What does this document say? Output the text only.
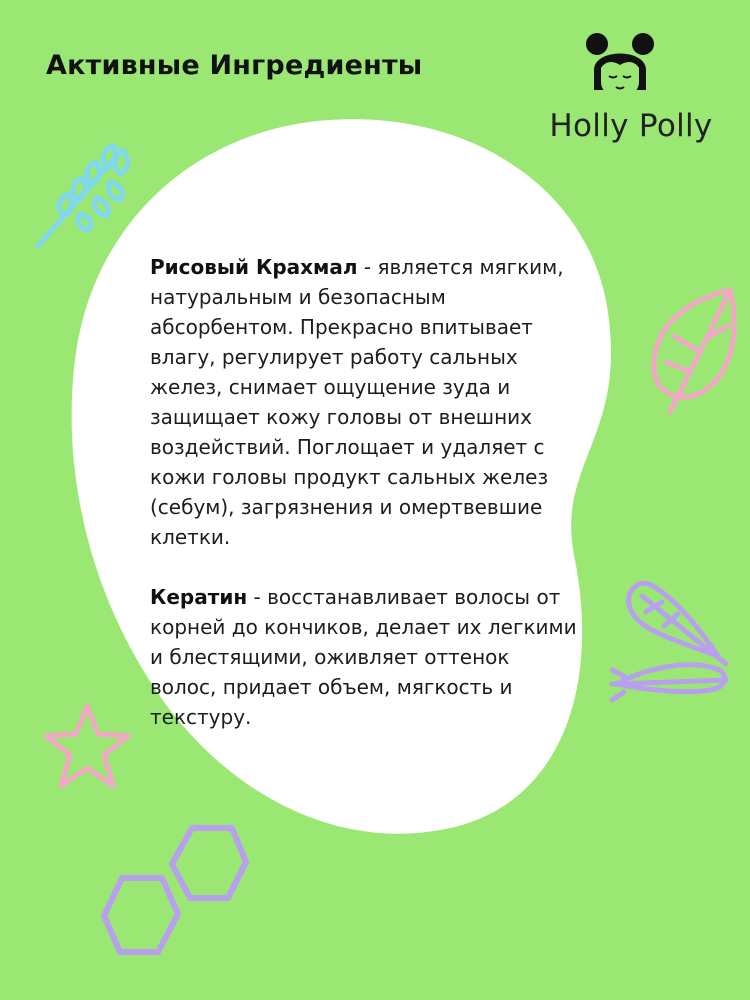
Активные Ингредиенты
Holly Polly

Рисовый Крахмал - является мягким, натуральным и безопасным абсорбентом. Прекрасно впитывает влагу, регулирует работу сальных желез, снимает ощущение зуда и защищает кожу головы от внешних воздействий. Поглощает и удаляет с кожи головы продукт сальных желез (себум), загрязнения и омертвевшие клетки.

Кератин - восстанавливает волосы от корней до кончиков, делает их легкими и блестящими, оживляет оттенок волос, придает объем, мягкость и текстуру.
